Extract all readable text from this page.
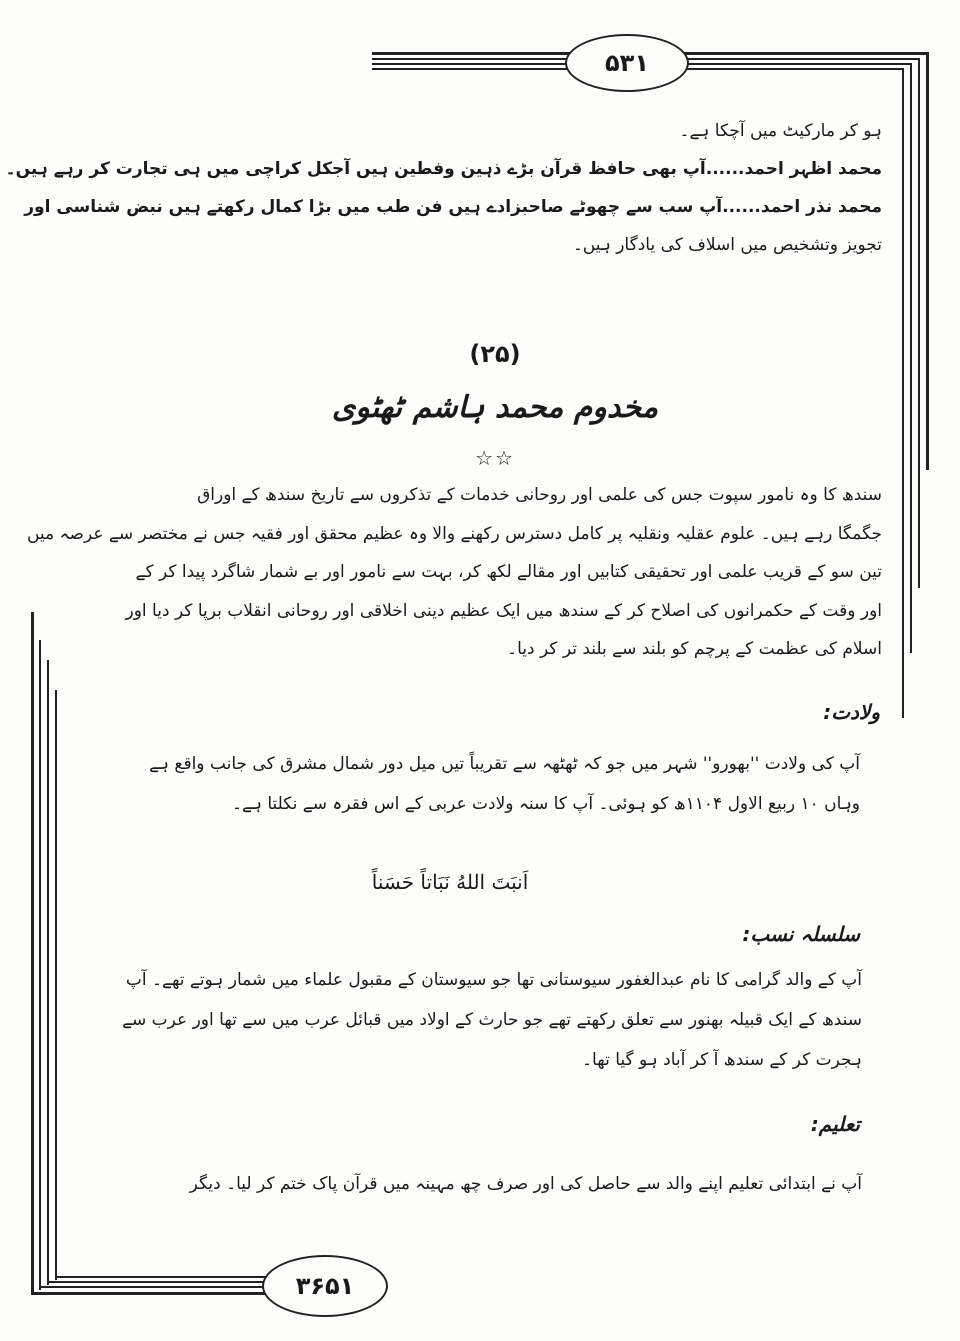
۵۳۱
۳۶۵۱
ہو کر مارکیٹ میں آچکا ہے۔
محمد اظہر احمد......آپ بھی حافظ قرآن بڑے ذہین وفطین ہیں آجکل کراچی میں ہی تجارت کر رہے ہیں۔
محمد نذر احمد......آپ سب سے چھوٹے صاحبزادے ہیں فن طب میں بڑا کمال رکھتے ہیں نبض شناسی اور
تجویز وتشخیص میں اسلاف کی یادگار ہیں۔
(۲۵)
مخدوم محمد ہاشم ٹھٹوی
☆☆
سندھ کا وہ نامور سپوت جس کی علمی اور روحانی خدمات کے تذکروں سے تاریخ سندھ کے اوراق
جگمگا رہے ہیں۔ علوم عقلیہ ونقلیہ پر کامل دسترس رکھنے والا وہ عظیم محقق اور فقیہ جس نے مختصر سے عرصہ میں
تین سو کے قریب علمی اور تحقیقی کتابیں اور مقالے لکھ کر، بہت سے نامور اور بے شمار شاگرد پیدا کر کے
اور وقت کے حکمرانوں کی اصلاح کر کے سندھ میں ایک عظیم دینی اخلاقی اور روحانی انقلاب برپا کر دیا اور
اسلام کی عظمت کے پرچم کو بلند سے بلند تر کر دیا۔
ولادت:
آپ کی ولادت ''بھورو'' شہر میں جو کہ ٹھٹھہ سے تقریباً تیں میل دور شمال مشرق کی جانب واقع ہے
وہاں ۱۰ ربیع الاول ۱۱۰۴ھ کو ہوئی۔ آپ کا سنہ ولادت عربی کے اس فقرہ سے نکلتا ہے۔
اَنبَتَ اللهُ نَبَاتاً حَسَناً
سلسلہ نسب:
آپ کے والد گرامی کا نام عبدالغفور سیوستانی تھا جو سیوستان کے مقبول علماء میں شمار ہوتے تھے۔ آپ
سندھ کے ایک قبیلہ بھنور سے تعلق رکھتے تھے جو حارث کے اولاد میں قبائل عرب میں سے تھا اور عرب سے
ہجرت کر کے سندھ آ کر آباد ہو گیا تھا۔
تعلیم:
آپ نے ابتدائی تعلیم اپنے والد سے حاصل کی اور صرف چھ مہینہ میں قرآن پاک ختم کر لیا۔ دیگر
